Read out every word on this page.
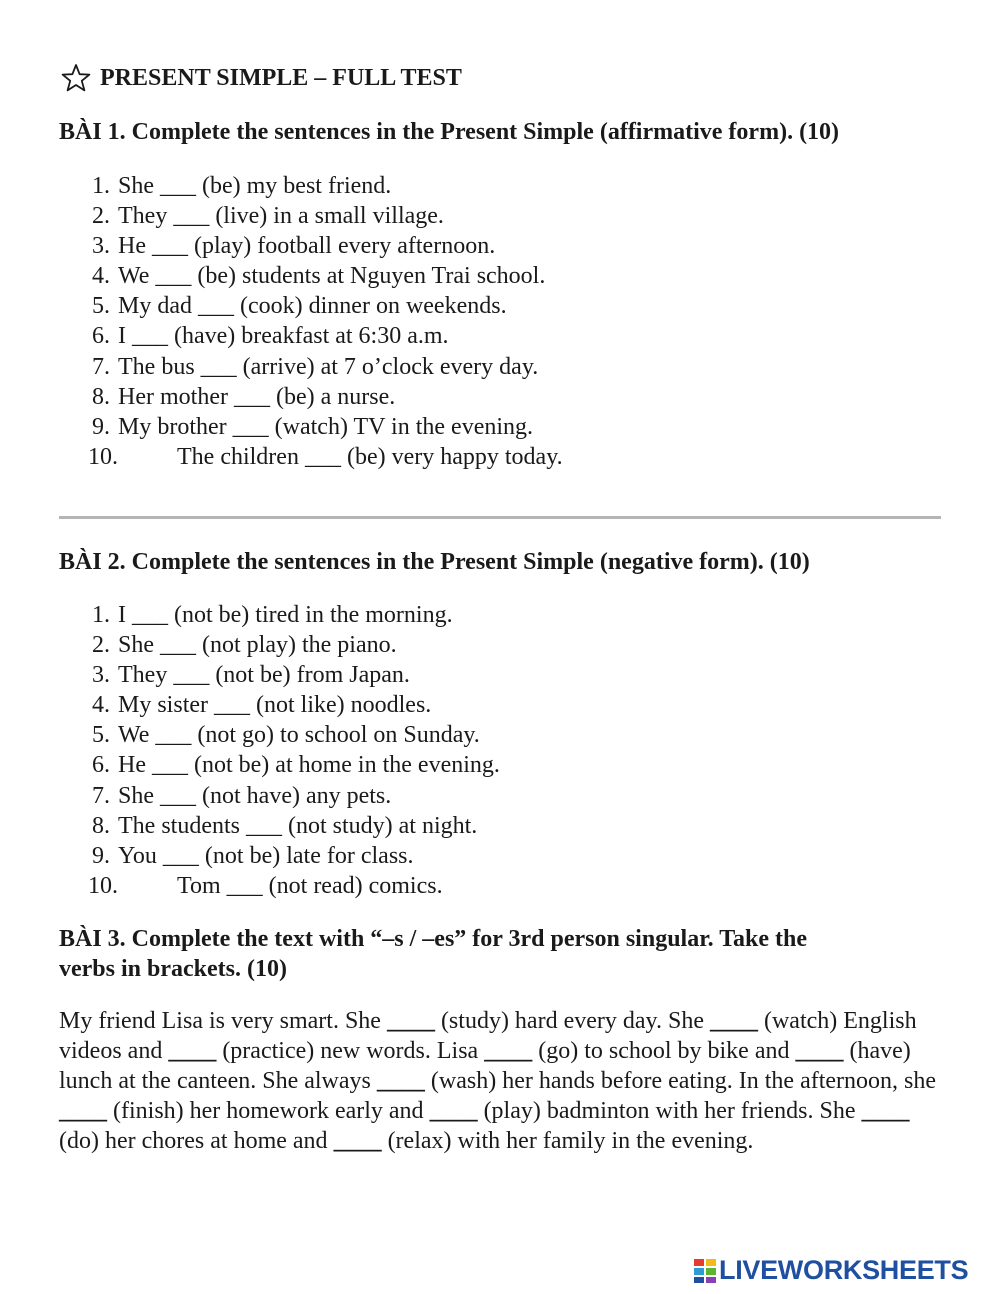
PRESENT SIMPLE – FULL TEST
BÀI 1. Complete the sentences in the Present Simple (affirmative form). (10)
1. She ___ (be) my best friend.
2. They ___ (live) in a small village.
3. He ___ (play) football every afternoon.
4. We ___ (be) students at Nguyen Trai school.
5. My dad ___ (cook) dinner on weekends.
6. I ___ (have) breakfast at 6:30 a.m.
7. The bus ___ (arrive) at 7 o’clock every day.
8. Her mother ___ (be) a nurse.
9. My brother ___ (watch) TV in the evening.
10. The children ___ (be) very happy today.
BÀI 2. Complete the sentences in the Present Simple (negative form). (10)
1. I ___ (not be) tired in the morning.
2. She ___ (not play) the piano.
3. They ___ (not be) from Japan.
4. My sister ___ (not like) noodles.
5. We ___ (not go) to school on Sunday.
6. He ___ (not be) at home in the evening.
7. She ___ (not have) any pets.
8. The students ___ (not study) at night.
9. You ___ (not be) late for class.
10. Tom ___ (not read) comics.
BÀI 3. Complete the text with “–s / –es” for 3rd person singular. Take the
verbs in brackets. (10)
My friend Lisa is very smart. She ____ (study) hard every day. She ____ (watch) English videos and ____ (practice) new words. Lisa ____ (go) to school by bike and ____ (have) lunch at the canteen. She always ____ (wash) her hands before eating. In the afternoon, she ____ (finish) her homework early and ____ (play) badminton with her friends. She ____ (do) her chores at home and ____ (relax) with her family in the evening.
LIVEWORKSHEETS
